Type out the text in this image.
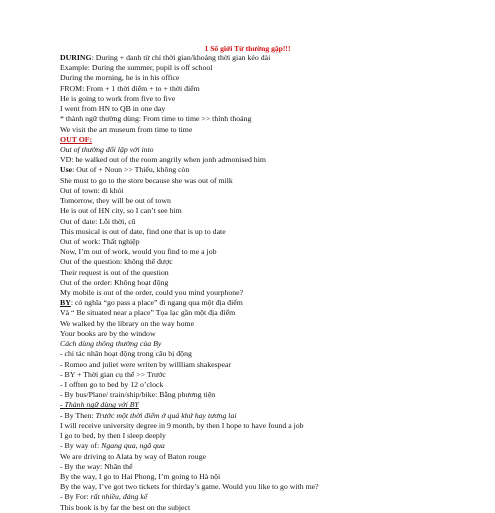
1 Số giới Từ thường gặp!!!
DURING: During + danh từ chỉ thời gian/khoảng thời gian kéo dài
Example: During the summer, pupil is off school
During the morning, he is in his office
FROM: From + 1 thời điểm + to + thời điểm
He is going to work from five to five
I went from HN to QB in one day
* thành ngữ thường dùng: From time to time >> thỉnh thoảng
We visit the art museum from time to time
OUT OF:
Out of thường đối lập với into
VD: he walked out of the room angrily when jonh admonised him
Use: Out of + Noun >> Thiếu, không còn
She must to go to the store because she was out of milk
Out of town: đi khỏi
Tomorrow, they will be out of town
He is out of HN city, so I can’t see him
Out of date: Lỗi thời, cũ
This musical is out of date, find one that is up to date
Out of work: Thất nghiệp
Now, I’m out of work, would you find to me a job
Out of the question: không thể được
Their request is out of the question
Out of the order: Không hoạt động
My mobile is out of the order, could you mind yourphone?
BY: có nghĩa “go pass a place” đi ngang qua một địa điểm
Và “ Be situated near a place” Tọa lạc gần một địa điểm
We walked by the library on the way home
Your books are by the window
Cách dùng thông thường của By
- chỉ tác nhân hoạt động trong câu bị động
- Romeo and juliet were writen by willliam shakespear
- BY + Thời gian cụ thể >> Trước
- I offten go to bed by 12 o’clock
- By bus/Plane/ train/ship/bike: Bằng phương tiện
- Thành ngữ dùng với BY
- By Then: Trước một thời điểm ở quá khứ hay tương lai
I will receive university degree in 9 month, by then I hope to have found a job
I go to bed, by then I sleep deeply
- By way of: Ngang qua, ngã qua
We are driving to Alata by way of Baton rouge
- By the way: Nhân thể
By the way, I go to Hai Phong, I’m going to Hà nội
By the way, I’ve got two tickets for thirday’s game. Would you like to go with me?
- By For: rất nhiều, đáng kể
This book is by far the best on the subject
